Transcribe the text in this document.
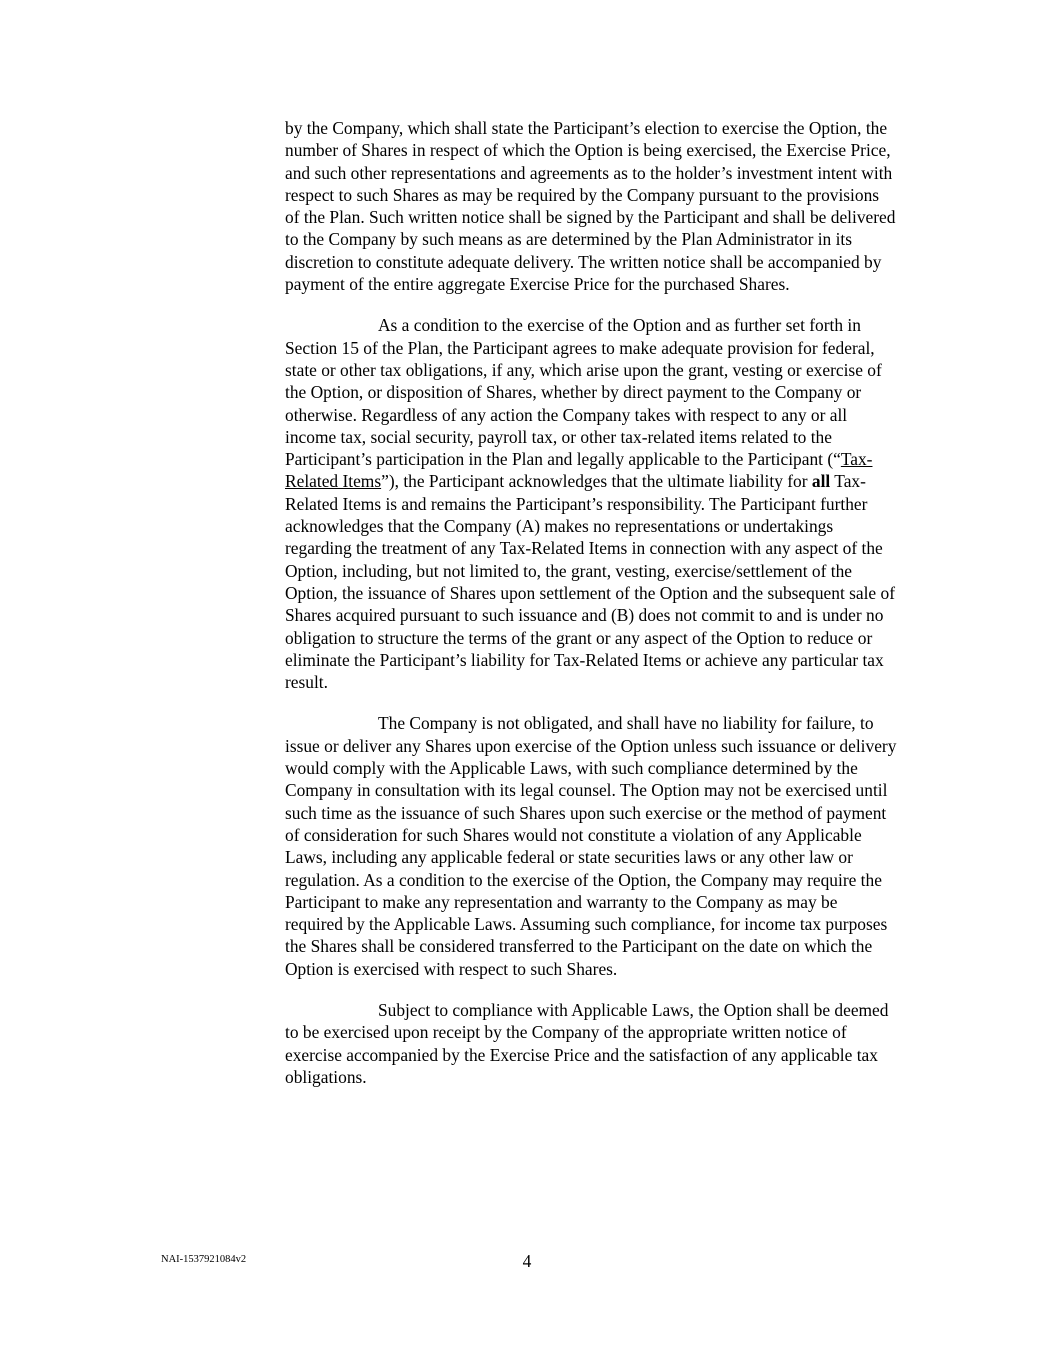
by the Company, which shall state the Participant’s election to exercise the Option, the number of Shares in respect of which the Option is being exercised, the Exercise Price, and such other representations and agreements as to the holder’s investment intent with respect to such Shares as may be required by the Company pursuant to the provisions of the Plan. Such written notice shall be signed by the Participant and shall be delivered to the Company by such means as are determined by the Plan Administrator in its discretion to constitute adequate delivery. The written notice shall be accompanied by payment of the entire aggregate Exercise Price for the purchased Shares.

As a condition to the exercise of the Option and as further set forth in Section 15 of the Plan, the Participant agrees to make adequate provision for federal, state or other tax obligations, if any, which arise upon the grant, vesting or exercise of the Option, or disposition of Shares, whether by direct payment to the Company or otherwise. Regardless of any action the Company takes with respect to any or all income tax, social security, payroll tax, or other tax-related items related to the Participant’s participation in the Plan and legally applicable to the Participant (“Tax-Related Items”), the Participant acknowledges that the ultimate liability for all Tax-Related Items is and remains the Participant’s responsibility. The Participant further acknowledges that the Company (A) makes no representations or undertakings regarding the treatment of any Tax-Related Items in connection with any aspect of the Option, including, but not limited to, the grant, vesting, exercise/settlement of the Option, the issuance of Shares upon settlement of the Option and the subsequent sale of Shares acquired pursuant to such issuance and (B) does not commit to and is under no obligation to structure the terms of the grant or any aspect of the Option to reduce or eliminate the Participant’s liability for Tax-Related Items or achieve any particular tax result.

The Company is not obligated, and shall have no liability for failure, to issue or deliver any Shares upon exercise of the Option unless such issuance or delivery would comply with the Applicable Laws, with such compliance determined by the Company in consultation with its legal counsel. The Option may not be exercised until such time as the issuance of such Shares upon such exercise or the method of payment of consideration for such Shares would not constitute a violation of any Applicable Laws, including any applicable federal or state securities laws or any other law or regulation. As a condition to the exercise of the Option, the Company may require the Participant to make any representation and warranty to the Company as may be required by the Applicable Laws. Assuming such compliance, for income tax purposes the Shares shall be considered transferred to the Participant on the date on which the Option is exercised with respect to such Shares.

Subject to compliance with Applicable Laws, the Option shall be deemed to be exercised upon receipt by the Company of the appropriate written notice of exercise accompanied by the Exercise Price and the satisfaction of any applicable tax obligations.

NAI-1537921084v2	4
